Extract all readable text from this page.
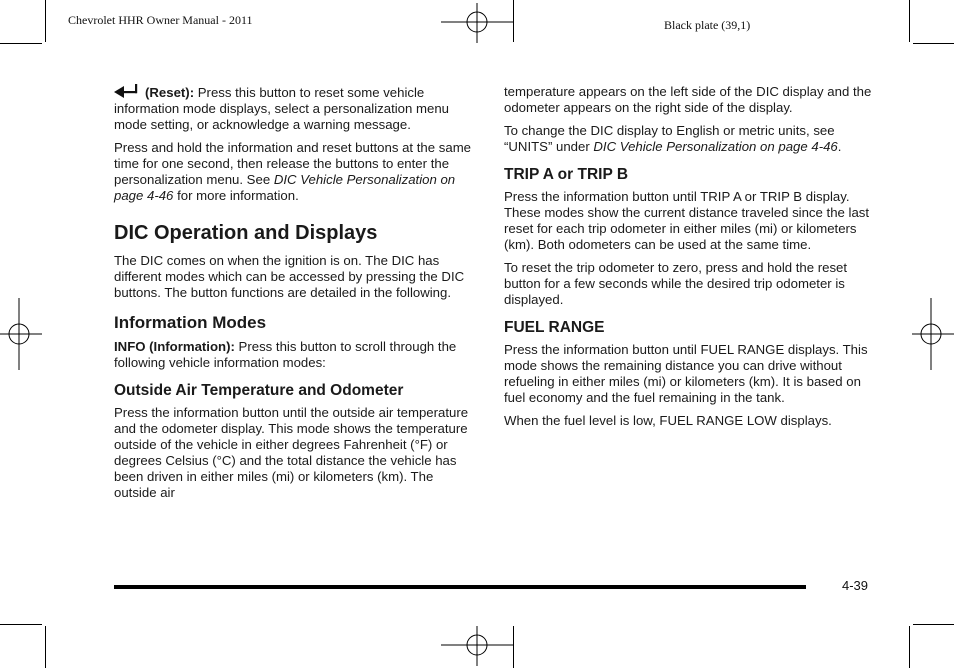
Chevrolet HHR Owner Manual - 2011	Black plate (39,1)

(Reset): Press this button to reset some vehicle information mode displays, select a personalization menu mode setting, or acknowledge a warning message.

Press and hold the information and reset buttons at the same time for one second, then release the buttons to enter the personalization menu. See DIC Vehicle Personalization on page 4-46 for more information.

DIC Operation and Displays

The DIC comes on when the ignition is on. The DIC has different modes which can be accessed by pressing the DIC buttons. The button functions are detailed in the following.

Information Modes

INFO (Information): Press this button to scroll through the following vehicle information modes:

Outside Air Temperature and Odometer

Press the information button until the outside air temperature and the odometer display. This mode shows the temperature outside of the vehicle in either degrees Fahrenheit (°F) or degrees Celsius (°C) and the total distance the vehicle has been driven in either miles (mi) or kilometers (km). The outside air

temperature appears on the left side of the DIC display and the odometer appears on the right side of the display.

To change the DIC display to English or metric units, see “UNITS” under DIC Vehicle Personalization on page 4-46.

TRIP A or TRIP B

Press the information button until TRIP A or TRIP B display. These modes show the current distance traveled since the last reset for each trip odometer in either miles (mi) or kilometers (km). Both odometers can be used at the same time.

To reset the trip odometer to zero, press and hold the reset button for a few seconds while the desired trip odometer is displayed.

FUEL RANGE

Press the information button until FUEL RANGE displays. This mode shows the remaining distance you can drive without refueling in either miles (mi) or kilometers (km). It is based on fuel economy and the fuel remaining in the tank.

When the fuel level is low, FUEL RANGE LOW displays.

4-39
